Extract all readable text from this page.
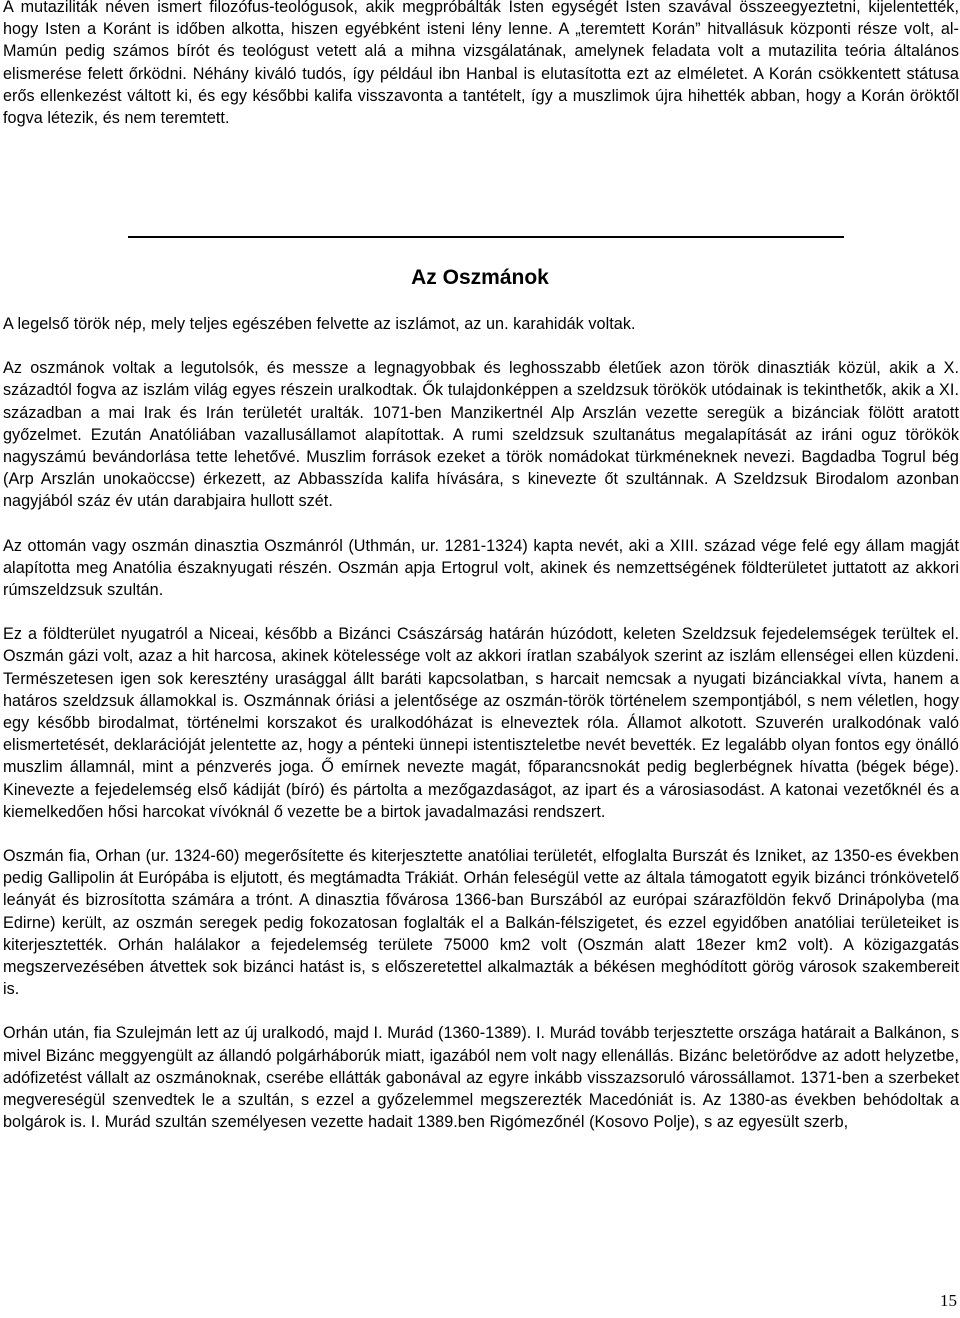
A mutaziliták néven ismert filozófus-teológusok, akik megpróbálták Isten egységét Isten szavával összeegyeztetni, kijelentették, hogy Isten a Koránt is időben alkotta, hiszen egyébként isteni lény lenne. A „teremtett Korán” hitvallásuk központi része volt, al-Mamún pedig számos bírót és teológust vetett alá a mihna vizsgálatának, amelynek feladata volt a mutazilita teória általános elismerése felett őrködni. Néhány kiváló tudós, így például ibn Hanbal is elutasította ezt az elméletet. A Korán csökkentett státusa erős ellenkezést váltott ki, és egy későbbi kalifa visszavonta a tantételt, így a muszlimok újra hihették abban, hogy a Korán öröktől fogva létezik, és nem teremtett.

Az Oszmánok

A legelső török nép, mely teljes egészében felvette az iszlámot, az un. karahidák voltak.

Az oszmánok voltak a legutolsók, és messze a legnagyobbak és leghosszabb életűek azon török dinasztiák közül, akik a X. századtól fogva az iszlám világ egyes részein uralkodtak. Ők tulajdonképpen a szeldzsuk törökök utódainak is tekinthetők, akik a XI. században a mai Irak és Irán területét uralták. 1071-ben Manzikertnél Alp Arszlán vezette seregük a bizánciak fölött aratott győzelmet. Ezután Anatóliában vazallusállamot alapítottak. A rumi szeldzsuk szultanátus megalapítását az iráni oguz törökök nagyszámú bevándorlása tette lehetővé. Muszlim források ezeket a török nomádokat türkméneknek nevezi. Bagdadba Togrul bég (Arp Arszlán unokaöccse) érkezett, az Abbasszída kalifa hívására, s kinevezte őt szultánnak. A Szeldzsuk Birodalom azonban nagyjából száz év után darabjaira hullott szét.

Az ottomán vagy oszmán dinasztia Oszmánról (Uthmán, ur. 1281-1324) kapta nevét, aki a XIII. század vége felé egy állam magját alapította meg Anatólia északnyugati részén. Oszmán apja Ertogrul volt, akinek és nemzettségének földterületet juttatott az akkori rúmszeldzsuk szultán.

Ez a földterület nyugatról a Niceai, később a Bizánci Császárság határán húzódott, keleten Szeldzsuk fejedelemségek terültek el. Oszmán gázi volt, azaz a hit harcosa, akinek kötelessége volt az akkori íratlan szabályok szerint az iszlám ellenségei ellen küzdeni. Természetesen igen sok keresztény urasággal állt baráti kapcsolatban, s harcait nemcsak a nyugati bizánciakkal vívta, hanem a határos szeldzsuk államokkal is. Oszmánnak óriási a jelentősége az oszmán-török történelem szempontjából, s nem véletlen, hogy egy később birodalmat, történelmi korszakot és uralkodóházat is elneveztek róla. Államot alkotott. Szuverén uralkodónak való elismertetését, deklarációját jelentette az, hogy a pénteki ünnepi istentiszteletbe nevét bevették. Ez legalább olyan fontos egy önálló muszlim államnál, mint a pénzverés joga. Ő emírnek nevezte magát, főparancsnokát pedig beglerbégnek hívatta (bégek bége). Kinevezte a fejedelemség első kádiját (bíró) és pártolta a mezőgazdaságot, az ipart és a városiasodást. A katonai vezetőknél és a kiemelkedően hősi harcokat vívóknál ő vezette be a birtok javadalmazási rendszert.

Oszmán fia, Orhan (ur. 1324-60) megerősítette és kiterjesztette anatóliai területét, elfoglalta Burszát és Izniket, az 1350-es években pedig Gallipolin át Európába is eljutott, és megtámadta Trákiát. Orhán feleségül vette az általa támogatott egyik bizánci trónkövetelő leányát és bizrosította számára a trónt. A dinasztia fővárosa 1366-ban Burszából az európai szárazföldön fekvő Drinápolyba (ma Edirne) került, az oszmán seregek pedig fokozatosan foglalták el a Balkán-félszigetet, és ezzel egyidőben anatóliai területeiket is kiterjesztették. Orhán halálakor a fejedelemség területe 75000 km2 volt (Oszmán alatt 18ezer km2 volt). A közigazgatás megszervezésében átvettek sok bizánci hatást is, s előszeretettel alkalmazták a békésen meghódított görög városok szakembereit is.

Orhán után, fia Szulejmán lett az új uralkodó, majd I. Murád (1360-1389). I. Murád tovább terjesztette országa határait a Balkánon, s mivel Bizánc meggyengült az állandó polgárháborúk miatt, igazából nem volt nagy ellenállás. Bizánc beletörődve az adott helyzetbe, adófizetést vállalt az oszmánoknak, cserébe ellátták gabonával az egyre inkább visszazsoruló várossállamot. 1371-ben a szerbeket megvereségül szenvedtek le a szultán, s ezzel a győzelemmel megszerezték Macedóniát is. Az 1380-as években behódoltak a bolgárok is. I. Murád szultán személyesen vezette hadait 1389.ben Rigómezőnél (Kosovo Polje), s az egyesült szerb,

15
